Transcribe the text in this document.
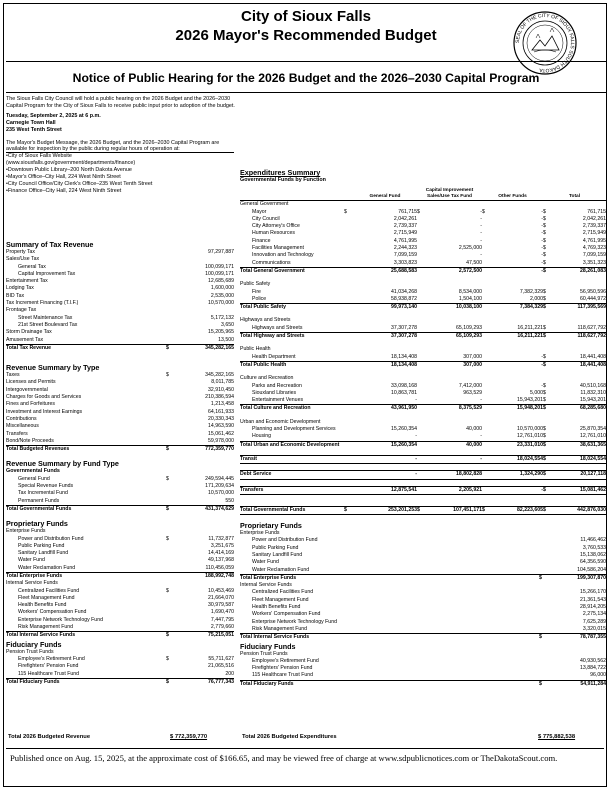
City of Sioux Falls
2026 Mayor's Recommended Budget	SEAL OF THE CITY OF SIOUX FALLS SOUTH DAKOTA
Notice of Public Hearing for the 2026 Budget and the 2026–2030 Capital Program
The Sioux Falls City Council will hold a public hearing on the 2026 Budget and the 2026–2030 Capital Program for the City of Sioux Falls to receive public input prior to adoption of the budget.
Tuesday, September 2, 2025 at 6 p.m.
Carnegie Town Hall
235 West Tenth Street
The Mayor's Budget Message, the 2026 Budget, and the 2026–2030 Capital Program are available for inspection by the public during regular hours of operation at:
•City of Sioux Falls Website
(www.siouxfalls.gov/government/departments/finance)
•Downtown Public Library–200 North Dakota Avenue
•Mayor's Office–City Hall, 224 West Ninth Street
•City Council Office/City Clerk's Office–235 West Tenth Street
•Finance Office–City Hall, 224 West Ninth Street
Summary of Tax Revenue
Property Tax	97,297,887
Sales/Use Tax
General Tax	100,099,171
Capital Improvement Tax	100,099,171
Entertainment Tax	12,685,689
Lodging Tax	1,600,000
BID Tax	2,535,000
Tax Increment Financing (T.I.F.)	10,570,000
Frontage Tax
Street Maintenance Tax	5,172,132
21st Street Boulevard Tax	3,650
Storm Drainage Tax	15,205,965
Amusement Tax	13,500
Total Tax Revenue	$	345,282,165
Revenue Summary by Type
Taxes	$	345,282,165
Licenses and Permits	8,011,785
Intergovernmental	32,910,450
Charges for Goods and Services	210,386,594
Fines and Forfeitures	1,213,458
Investment and Interest Earnings	64,161,933
Contributions	20,330,343
Miscellaneous	14,963,590
Transfers	15,061,462
Bond/Note Proceeds	59,978,000
Total Budgeted Revenues	$	772,359,770
Revenue Summary by Fund Type
Governmental Funds
General Fund	$	249,594,445
Special Revenue Funds	171,209,634
Tax Incremental Fund	10,570,000
Permanent Funds	550
Total Governmental Funds	$	431,374,629
Proprietary Funds
Enterprise Funds
Power and Distribution Fund	$	11,732,877
Public Parking Fund	3,251,675
Sanitary Landfill Fund	14,414,169
Water Fund	49,137,968
Water Reclamation Fund	110,456,059
Total Enterprise Funds	188,992,748
Internal Service Funds
Centralized Facilities Fund	$	10,453,469
Fleet Management Fund	21,664,070
Health Benefits Fund	30,979,587
Workers' Compensation Fund	1,690,470
Enterprise Network Technology Fund	7,447,795
Risk Management Fund	2,779,660
Total Internal Service Funds	$	75,215,051
Fiduciary Funds
Pension Trust Funds
Employee's Retirement Fund	$	55,711,627
Firefighters' Pension Fund	21,065,516
115 Healthcare Trust Fund	200
Total Fiduciary Funds	$	76,777,343
Expenditures Summary
Governmental Funds by Function
General Fund
Capital Improvement Sales/Use Tax Fund	Other Funds	Total
General Government
Mayor	$	761,715 $	- $	- $	761,715
City Council	2,042,261	-	- $	2,042,261
City Attorney's Office	2,739,337	-	- $	2,739,337
Human Resources	2,715,949	-	- $	2,715,949
Finance	4,761,995	-	- $	4,761,995
Facilities Management	2,244,323	2,525,000	- $	4,769,323
Innovation and Technology	7,099,159	-	- $	7,099,159
Communications	3,303,823	47,500	- $	3,351,323
Total General Government	25,688,583	2,572,500	- $	28,261,083
Public Safety
Fire	41,034,268	8,534,000	7,382,329 $	56,950,596
Police	58,938,872	1,504,100	2,000 $	60,444,972
Total Public Safety	99,973,140	10,038,100	7,384,329 $	117,395,569
Highways and Streets
Highways and Streets	37,307,278	65,109,293	16,211,221 $	118,627,792
Total Highway and Streets	37,307,278	65,109,293	16,211,221 $	118,627,792
Public Health
Health Department	18,134,408	307,000	- $	18,441,408
Total Public Health	18,134,408	307,000	- $	18,441,408
Culture and Recreation
Parks and Recreation	33,098,168	7,412,000	- $	40,510,168
Siouxland Libraries	10,863,781	963,529	5,000 $	11,832,310
Entertainment Venues	-	-	15,943,201 $	15,943,201
Total Culture and Recreation	43,961,950	8,375,529	15,948,201 $	68,285,680
Urban and Economic Development
Planning and Development Services	15,260,354	40,000	10,570,000 $	25,870,354
Housing	-	-	12,761,010 $	12,761,010
Total Urban and Economic Development	15,260,354	40,000	23,331,010 $	38,631,365
Transit	-	-	18,024,554 $	18,024,554
Debt Service	-	18,802,828	1,324,290 $	20,127,118
Transfers	12,875,541	2,205,921	- $	15,081,462
Total Governmental Funds	$	253,201,253 $	107,451,171 $	82,223,605 $	442,876,030
Proprietary Funds
Enterprise Funds
Power and Distribution Fund	11,466,462
Public Parking Fund	3,760,533
Sanitary Landfill Fund	15,138,062
Water Fund	64,356,590
Water Reclamation Fund	104,586,204
Total Enterprise Funds	$	199,307,870
Internal Service Funds
Centralized Facilities Fund	15,266,170
Fleet Management Fund	21,361,543
Health Benefits Fund	28,914,205
Workers' Compensation Fund	2,275,134
Enterprise Network Technology Fund	7,625,289
Risk Management Fund	3,320,015
Total Internal Service Funds	$	78,787,355
Fiduciary Funds
Pension Trust Funds
Employee's Retirement Fund	40,930,562
Firefighters' Pension Fund	13,884,722
115 Healthcare Trust Fund	96,000
Total Fiduciary Funds	$	54,911,284
Total 2026 Budgeted Revenue	$ 772,359,770	Total 2026 Budgeted Expenditures	$ 775,882,538
Published once on Aug. 15, 2025, at the approximate cost of $166.65, and may be viewed free of charge at www.sdpublicnotices.com or TheDakotaScout.com.
